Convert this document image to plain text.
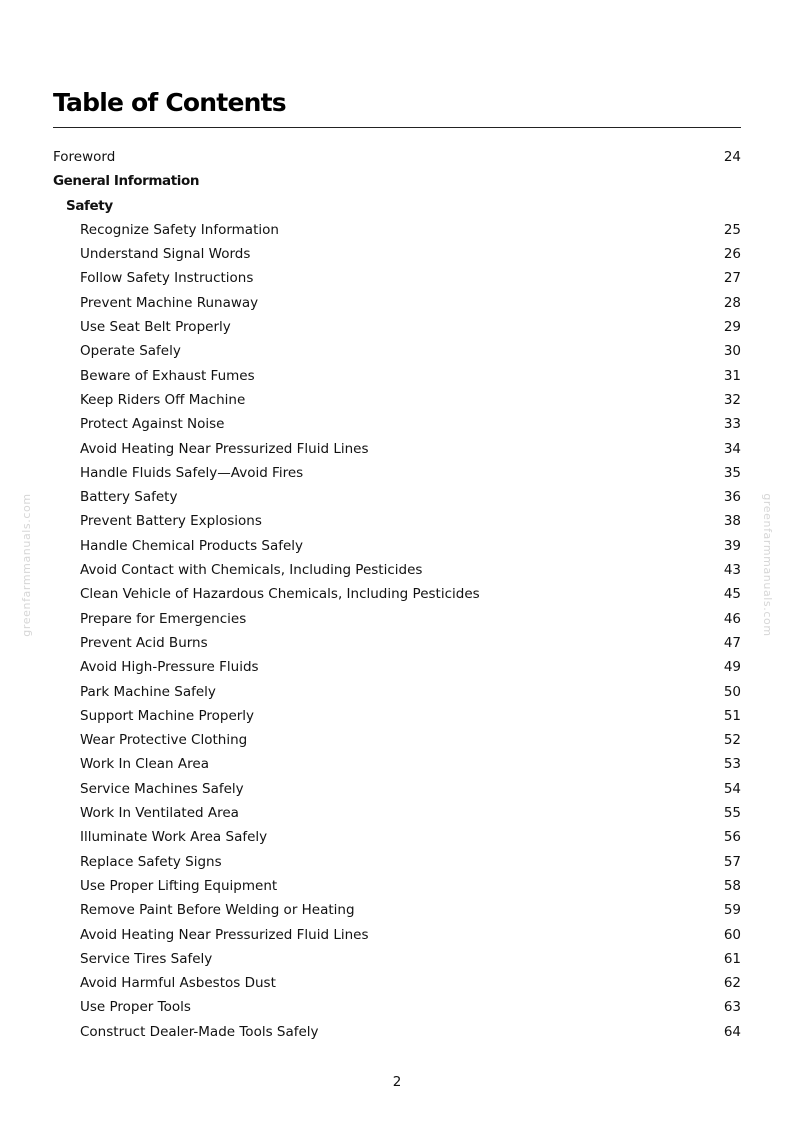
Table of Contents
Foreword	24
General Information
Safety
Recognize Safety Information	25
Understand Signal Words	26
Follow Safety Instructions	27
Prevent Machine Runaway	28
Use Seat Belt Properly	29
Operate Safely	30
Beware of Exhaust Fumes	31
Keep Riders Off Machine	32
Protect Against Noise	33
Avoid Heating Near Pressurized Fluid Lines	34
Handle Fluids Safely—Avoid Fires	35
Battery Safety	36
Prevent Battery Explosions	38
Handle Chemical Products Safely	39
Avoid Contact with Chemicals, Including Pesticides	43
Clean Vehicle of Hazardous Chemicals, Including Pesticides	45
Prepare for Emergencies	46
Prevent Acid Burns	47
Avoid High-Pressure Fluids	49
Park Machine Safely	50
Support Machine Properly	51
Wear Protective Clothing	52
Work In Clean Area	53
Service Machines Safely	54
Work In Ventilated Area	55
Illuminate Work Area Safely	56
Replace Safety Signs	57
Use Proper Lifting Equipment	58
Remove Paint Before Welding or Heating	59
Avoid Heating Near Pressurized Fluid Lines	60
Service Tires Safely	61
Avoid Harmful Asbestos Dust	62
Use Proper Tools	63
Construct Dealer-Made Tools Safely	64
2
greenfarmmanuals.com	greenfarmmanuals.com
